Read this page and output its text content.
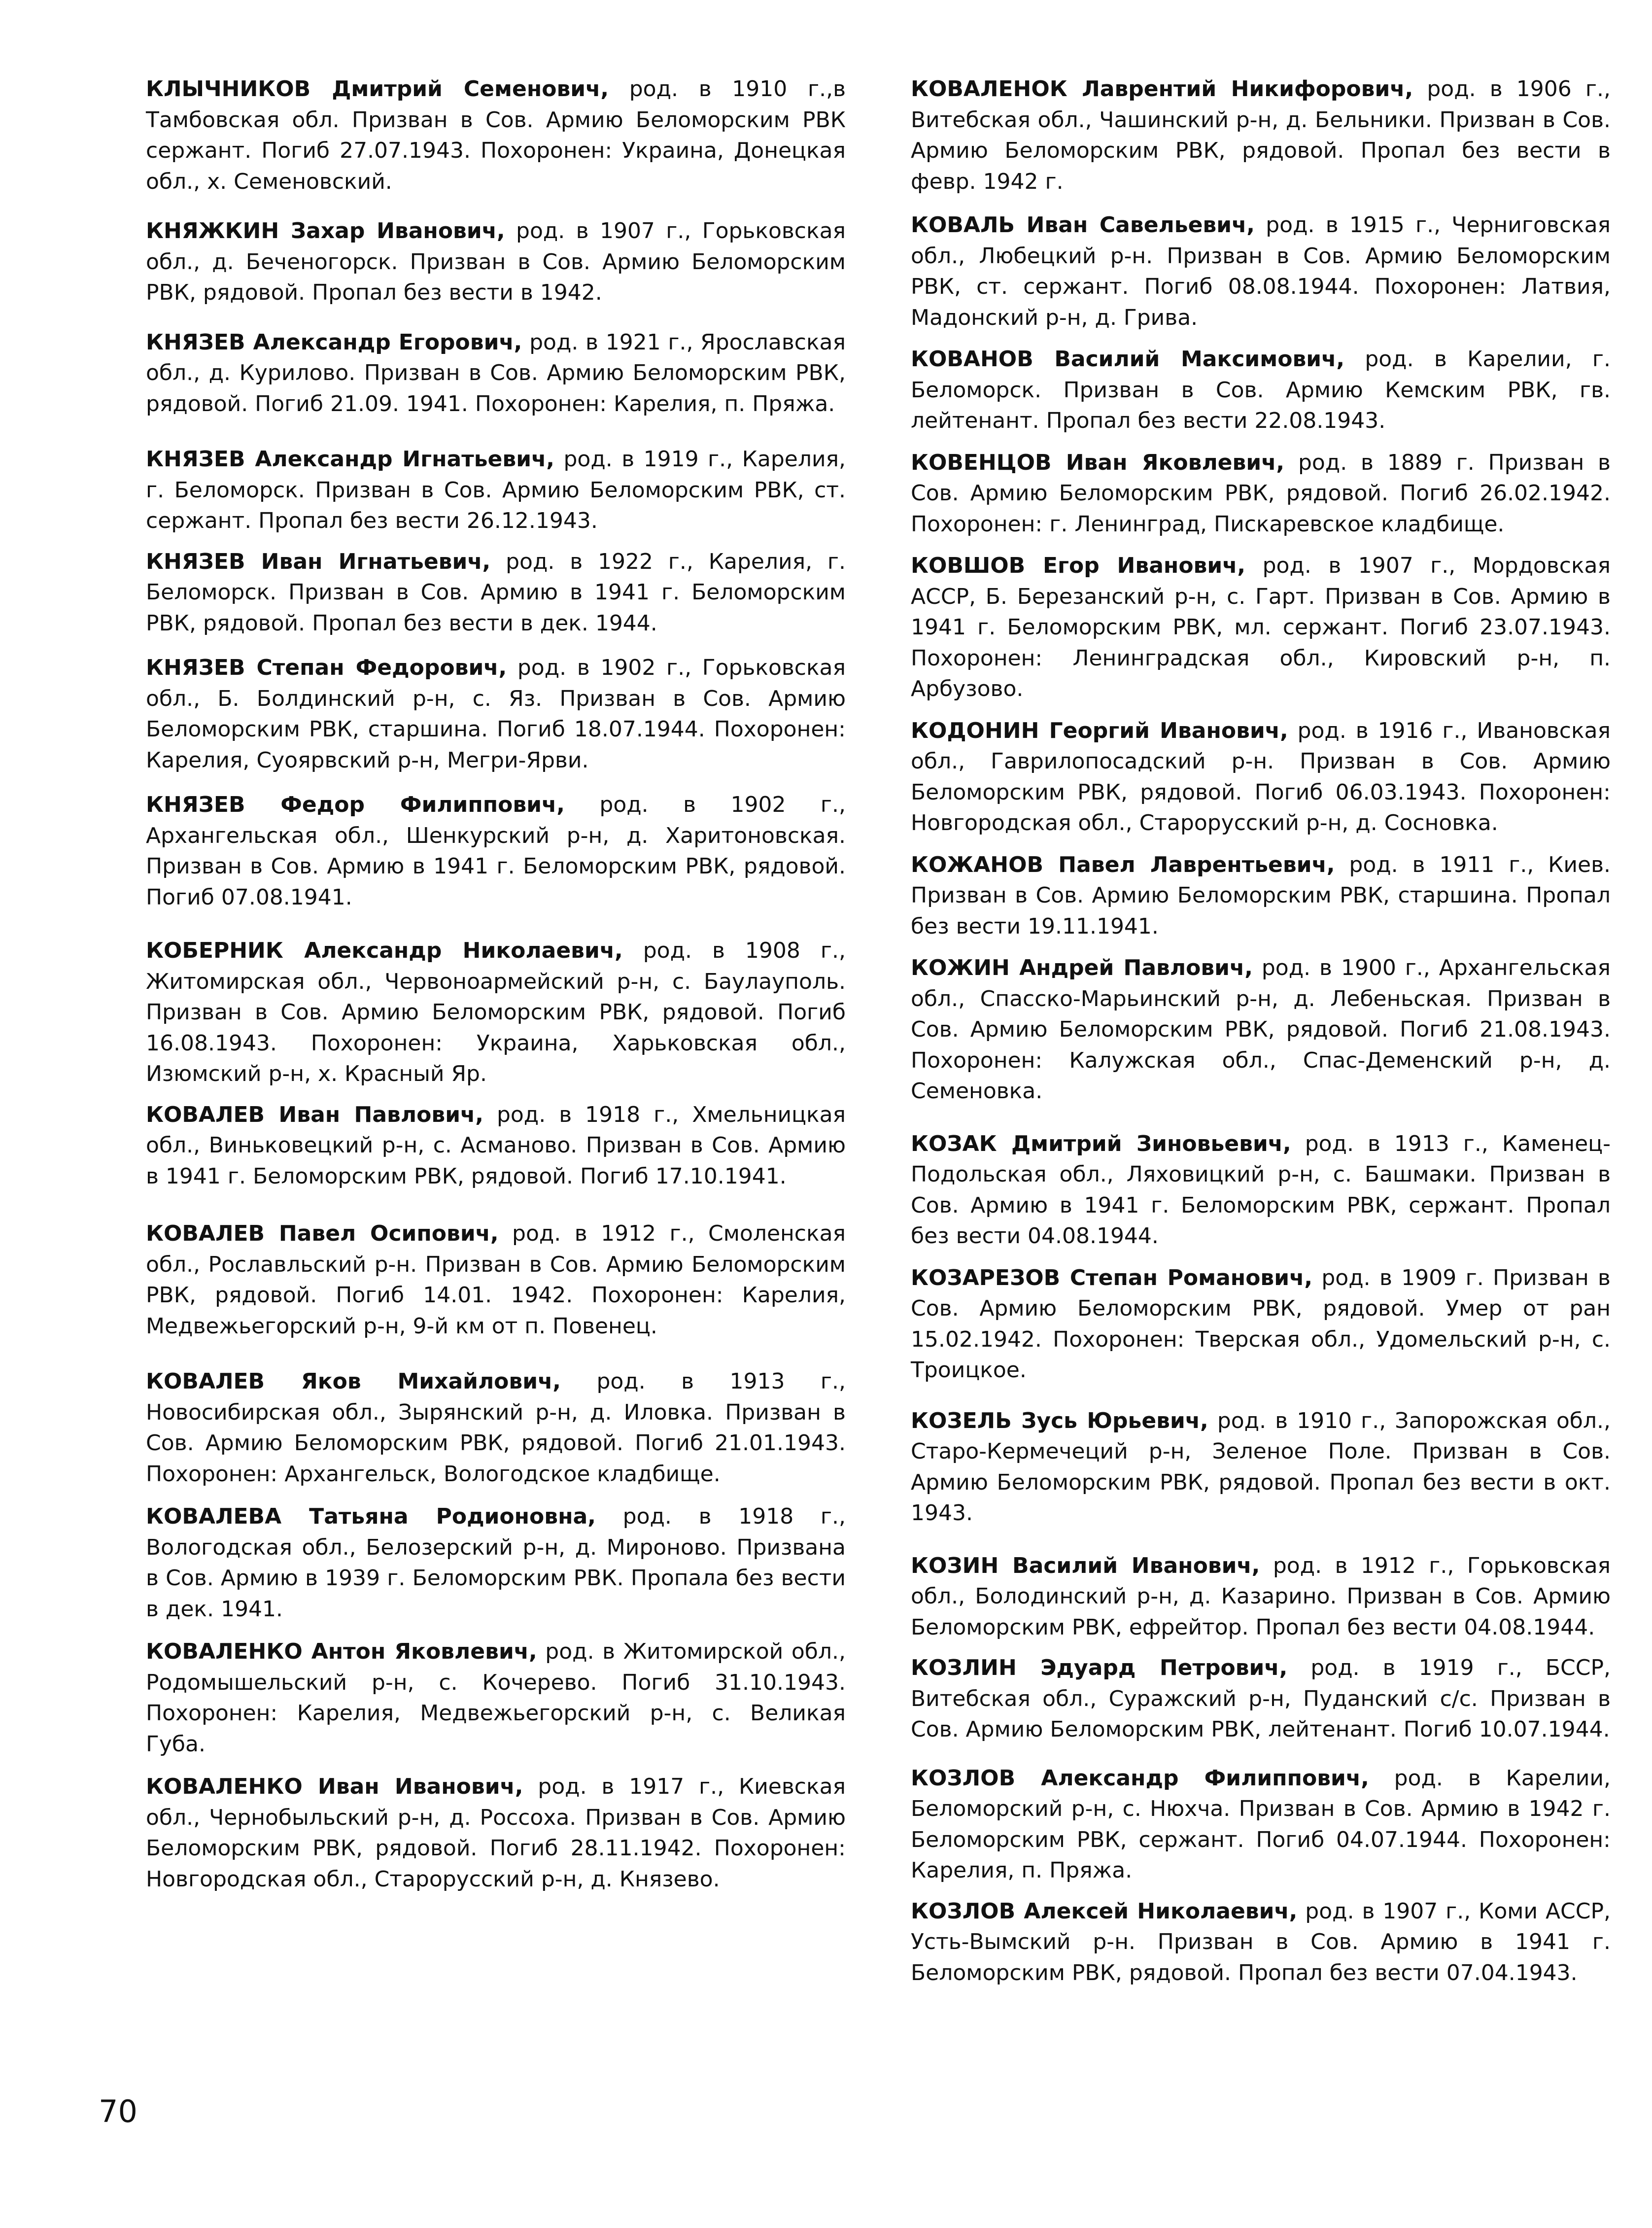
КЛЫЧНИКОВ Дмитрий Семенович, род. в 1910 г.,в Тамбовская обл. Призван в Сов. Армию Беломорским РВК сержант. Погиб 27.07.1943. Похоронен: Украина, Донецкая обл., х. Семеновский.

КНЯЖКИН Захар Иванович, род. в 1907 г., Горьковская обл., д. Беченогорск. Призван в Сов. Армию Беломорским РВК, рядовой. Пропал без вести в 1942.

КНЯЗЕВ Александр Егорович, род. в 1921 г., Ярославская обл., д. Курилово. Призван в Сов. Армию Беломорским РВК, рядовой. Погиб 21.09. 1941. Похоронен: Карелия, п. Пряжа.

КНЯЗЕВ Александр Игнатьевич, род. в 1919 г., Карелия, г. Беломорск. Призван в Сов. Армию Беломорским РВК, ст. сержант. Пропал без вести 26.12.1943.

КНЯЗЕВ Иван Игнатьевич, род. в 1922 г., Карелия, г. Беломорск. Призван в Сов. Армию в 1941 г. Беломорским РВК, рядовой. Пропал без вести в дек. 1944.

КНЯЗЕВ Степан Федорович, род. в 1902 г., Горьковская обл., Б. Болдинский р-н, с. Яз. Призван в Сов. Армию Беломорским РВК, старшина. Погиб 18.07.1944. Похоронен: Карелия, Суоярвский р-н, Мегри-Ярви.

КНЯЗЕВ Федор Филиппович, род. в 1902 г., Архангельская обл., Шенкурский р-н, д. Харитоновская. Призван в Сов. Армию в 1941 г. Беломорским РВК, рядовой. Погиб 07.08.1941.

КОБЕРНИК Александр Николаевич, род. в 1908 г., Житомирская обл., Червоноармейский р-н, с. Баулауполь. Призван в Сов. Армию Беломорским РВК, рядовой. Погиб 16.08.1943. Похоронен: Украина, Харьковская обл., Изюмский р-н, х. Красный Яр.

КОВАЛЕВ Иван Павлович, род. в 1918 г., Хмельницкая обл., Виньковецкий р-н, с. Асманово. Призван в Сов. Армию в 1941 г. Беломорским РВК, рядовой. Погиб 17.10.1941.

КОВАЛЕВ Павел Осипович, род. в 1912 г., Смоленская обл., Рославльский р-н. Призван в Сов. Армию Беломорским РВК, рядовой. Погиб 14.01. 1942. Похоронен: Карелия, Медвежьегорский р-н, 9-й км от п. Повенец.

КОВАЛЕВ Яков Михайлович, род. в 1913 г., Новосибирская обл., Зырянский р-н, д. Иловка. Призван в Сов. Армию Беломорским РВК, рядовой. Погиб 21.01.1943. Похоронен: Архангельск, Вологодское кладбище.

КОВАЛЕВА Татьяна Родионовна, род. в 1918 г., Вологодская обл., Белозерский р-н, д. Мироново. Призвана в Сов. Армию в 1939 г. Беломорским РВК. Пропала без вести в дек. 1941.

КОВАЛЕНКО Антон Яковлевич, род. в Житомирской обл., Родомышельский р-н, с. Кочерево. Погиб 31.10.1943. Похоронен: Карелия, Медвежьегорский р-н, с. Великая Губа.

КОВАЛЕНКО Иван Иванович, род. в 1917 г., Киевская обл., Чернобыльский р-н, д. Россоха. Призван в Сов. Армию Беломорским РВК, рядовой. Погиб 28.11.1942. Похоронен: Новгородская обл., Старорусский р-н, д. Князево.

КОВАЛЕНОК Лаврентий Никифорович, род. в 1906 г., Витебская обл., Чашинский р-н, д. Бельники. Призван в Сов. Армию Беломорским РВК, рядовой. Пропал без вести в февр. 1942 г.

КОВАЛЬ Иван Савельевич, род. в 1915 г., Черниговская обл., Любецкий р-н. Призван в Сов. Армию Беломорским РВК, ст. сержант. Погиб 08.08.1944. Похоронен: Латвия, Мадонский р-н, д. Грива.

КОВАНОВ Василий Максимович, род. в Карелии, г. Беломорск. Призван в Сов. Армию Кемским РВК, гв. лейтенант. Пропал без вести 22.08.1943.

КОВЕНЦОВ Иван Яковлевич, род. в 1889 г. Призван в Сов. Армию Беломорским РВК, рядовой. Погиб 26.02.1942. Похоронен: г. Ленинград, Пискаревское кладбище.

КОВШОВ Егор Иванович, род. в 1907 г., Мордовская АССР, Б. Березанский р-н, с. Гарт. Призван в Сов. Армию в 1941 г. Беломорским РВК, мл. сержант. Погиб 23.07.1943. Похоронен: Ленинградская обл., Кировский р-н, п. Арбузово.

КОДОНИН Георгий Иванович, род. в 1916 г., Ивановская обл., Гаврилопосадский р-н. Призван в Сов. Армию Беломорским РВК, рядовой. Погиб 06.03.1943. Похоронен: Новгородская обл., Старорусский р-н, д. Сосновка.

КОЖАНОВ Павел Лаврентьевич, род. в 1911 г., Киев. Призван в Сов. Армию Беломорским РВК, старшина. Пропал без вести 19.11.1941.

КОЖИН Андрей Павлович, род. в 1900 г., Архангельская обл., Спасско-Марьинский р-н, д. Лебеньская. Призван в Сов. Армию Беломорским РВК, рядовой. Погиб 21.08.1943. Похоронен: Калужская обл., Спас-Деменский р-н, д. Семеновка.

КОЗАК Дмитрий Зиновьевич, род. в 1913 г., Каменец-Подольская обл., Ляховицкий р-н, с. Башмаки. Призван в Сов. Армию в 1941 г. Беломорским РВК, сержант. Пропал без вести 04.08.1944.

КОЗАРЕЗОВ Степан Романович, род. в 1909 г. Призван в Сов. Армию Беломорским РВК, рядовой. Умер от ран 15.02.1942. Похоронен: Тверская обл., Удомельский р-н, с. Троицкое.

КОЗЕЛЬ Зусь Юрьевич, род. в 1910 г., Запорожская обл., Старо-Кермечеций р-н, Зеленое Поле. Призван в Сов. Армию Беломорским РВК, рядовой. Пропал без вести в окт. 1943.

КОЗИН Василий Иванович, род. в 1912 г., Горьковская обл., Болодинский р-н, д. Казарино. Призван в Сов. Армию Беломорским РВК, ефрейтор. Пропал без вести 04.08.1944.

КОЗЛИН Эдуард Петрович, род. в 1919 г., БССР, Витебская обл., Суражский р-н, Пуданский с/с. Призван в Сов. Армию Беломорским РВК, лейтенант. Погиб 10.07.1944.

КОЗЛОВ Александр Филиппович, род. в Карелии, Беломорский р-н, с. Нюхча. Призван в Сов. Армию в 1942 г. Беломорским РВК, сержант. Погиб 04.07.1944. Похоронен: Карелия, п. Пряжа.

КОЗЛОВ Алексей Николаевич, род. в 1907 г., Коми АССР, Усть-Вымский р-н. Призван в Сов. Армию в 1941 г. Беломорским РВК, рядовой. Пропал без вести 07.04.1943.

70
